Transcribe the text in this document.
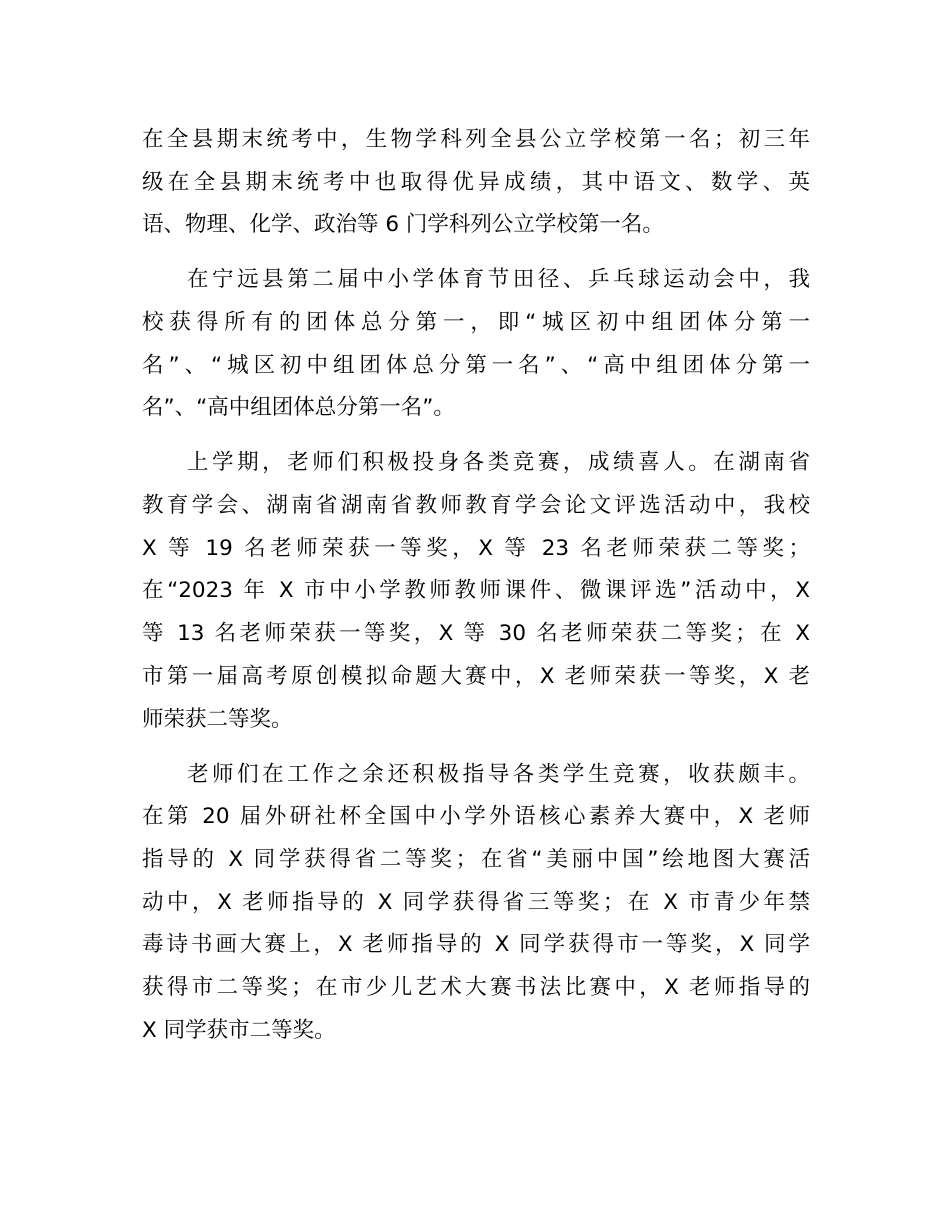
在全县期末统考中，生物学科列全县公立学校第一名；初三年
级在全县期末统考中也取得优异成绩，其中语文、数学、英
语、物理、化学、政治等 6 门学科列公立学校第一名。
在宁远县第二届中小学体育节田径、乒乓球运动会中，我
校获得所有的团体总分第一，即“城区初中组团体分第一
名”、“城区初中组团体总分第一名”、“高中组团体分第一
名”、“高中组团体总分第一名”。
上学期，老师们积极投身各类竞赛，成绩喜人。在湖南省
教育学会、湖南省湖南省教师教育学会论文评选活动中，我校
X 等 19 名老师荣获一等奖，X 等 23 名老师荣获二等奖；
在“2023 年 X 市中小学教师教师课件、微课评选”活动中，X
等 13 名老师荣获一等奖，X 等 30 名老师荣获二等奖；在 X
市第一届高考原创模拟命题大赛中，X 老师荣获一等奖，X 老
师荣获二等奖。
老师们在工作之余还积极指导各类学生竞赛，收获颇丰。
在第 20 届外研社杯全国中小学外语核心素养大赛中，X 老师
指导的 X 同学获得省二等奖；在省“美丽中国”绘地图大赛活
动中，X 老师指导的 X 同学获得省三等奖；在 X 市青少年禁
毒诗书画大赛上，X 老师指导的 X 同学获得市一等奖，X 同学
获得市二等奖；在市少儿艺术大赛书法比赛中，X 老师指导的
X 同学获市二等奖。
